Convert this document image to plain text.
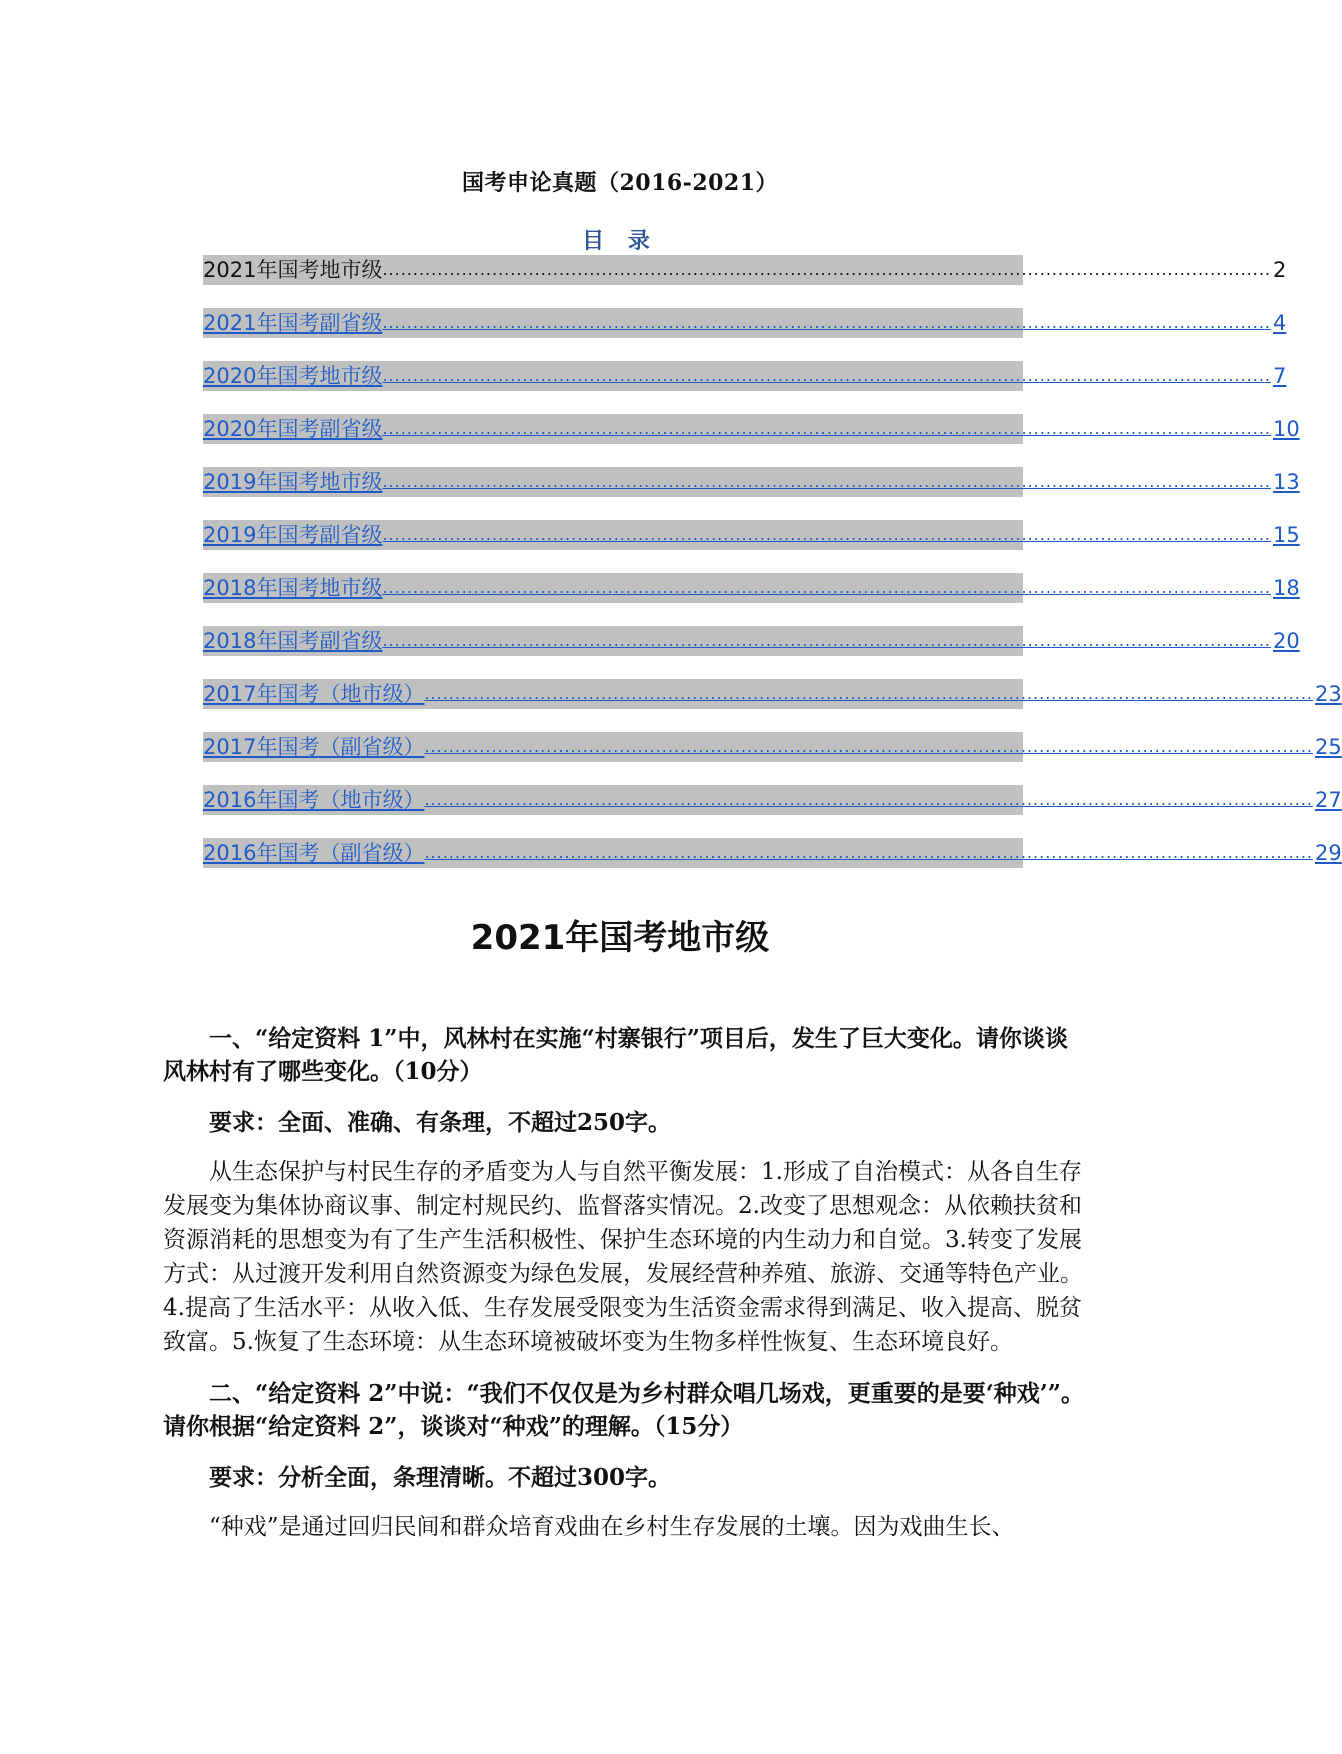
国考申论真题（2016-2021）
目 录
2021年国考地市级 .................................................................................................................................................. 2
2021年国考副省级 .................................................................................................................................................. 4
2020年国考地市级 .................................................................................................................................................. 7
2020年国考副省级 .................................................................................................................................................. 10
2019年国考地市级 .................................................................................................................................................. 13
2019年国考副省级 .................................................................................................................................................. 15
2018年国考地市级 .................................................................................................................................................. 18
2018年国考副省级 .................................................................................................................................................. 20
2017年国考（地市级） .................................................................................................................................................. 23
2017年国考（副省级） .................................................................................................................................................. 25
2016年国考（地市级） .................................................................................................................................................. 27
2016年国考（副省级） .................................................................................................................................................. 29
2021年国考地市级

一、“给定资料 1”中，风林村在实施“村寨银行”项目后，发生了巨大变化。请你谈谈风林村有了哪些变化。（10分）

要求：全面、准确、有条理，不超过250字。

从生态保护与村民生存的矛盾变为人与自然平衡发展：1.形成了自治模式：从各自生存发展变为集体协商议事、制定村规民约、监督落实情况。2.改变了思想观念：从依赖扶贫和资源消耗的思想变为有了生产生活积极性、保护生态环境的内生动力和自觉。3.转变了发展方式：从过渡开发利用自然资源变为绿色发展，发展经营种养殖、旅游、交通等特色产业。4.提高了生活水平：从收入低、生存发展受限变为生活资金需求得到满足、收入提高、脱贫致富。5.恢复了生态环境：从生态环境被破坏变为生物多样性恢复、生态环境良好。

二、“给定资料 2”中说：“我们不仅仅是为乡村群众唱几场戏，更重要的是要‘种戏’”。请你根据“给定资料 2”，谈谈对“种戏”的理解。（15分）

要求：分析全面，条理清晰。不超过300字。

“种戏”是通过回归民间和群众培育戏曲在乡村生存发展的土壤。因为戏曲生长、
